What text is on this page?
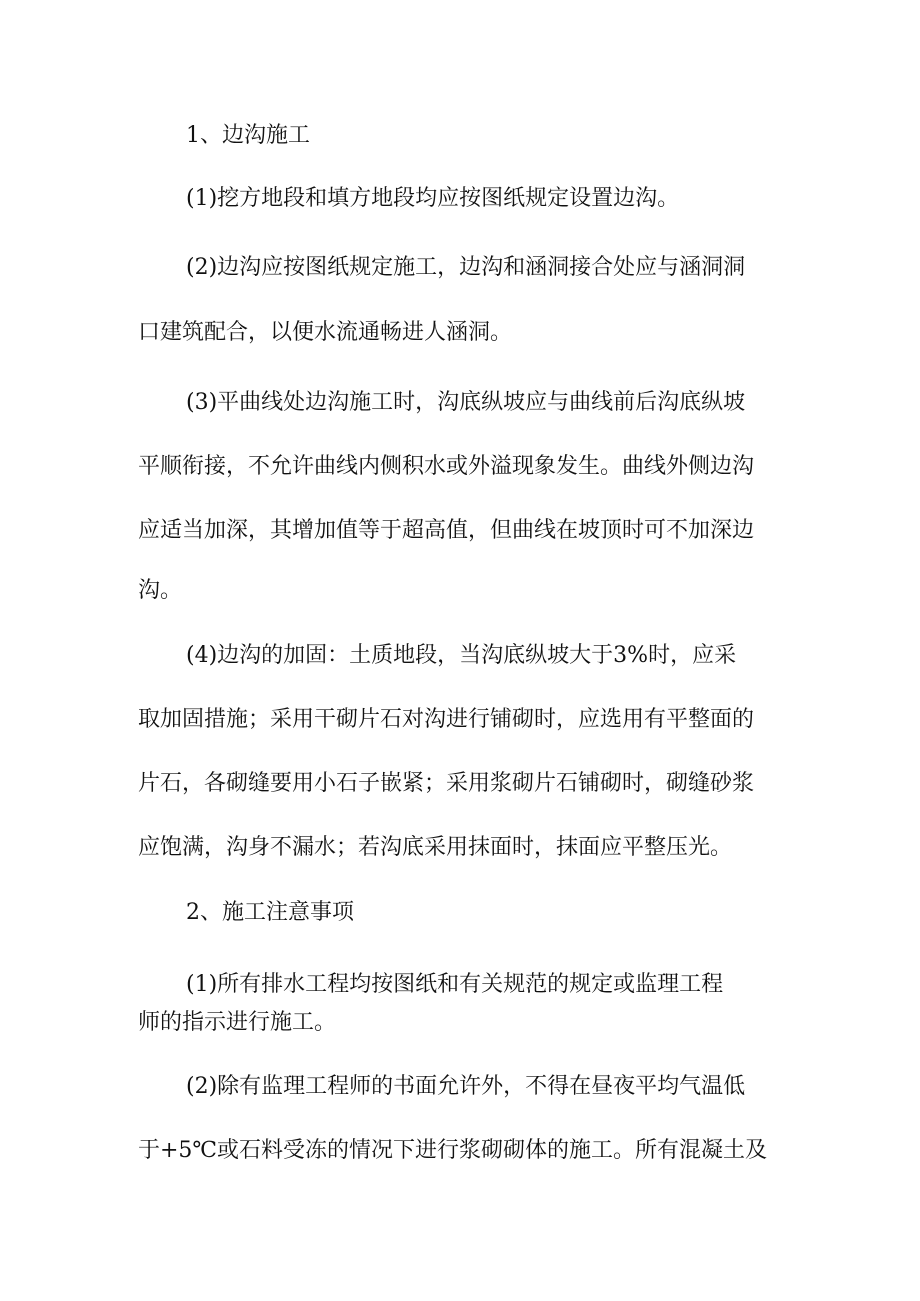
1、边沟施工
(1)挖方地段和填方地段均应按图纸规定设置边沟。
(2)边沟应按图纸规定施工，边沟和涵洞接合处应与涵洞洞
口建筑配合，以便水流通畅进人涵洞。
(3)平曲线处边沟施工时，沟底纵坡应与曲线前后沟底纵坡
平顺衔接，不允许曲线内侧积水或外溢现象发生。曲线外侧边沟
应适当加深，其增加值等于超高值，但曲线在坡顶时可不加深边
沟。
(4)边沟的加固：土质地段，当沟底纵坡大于3%时，应采
取加固措施；采用干砌片石对沟进行铺砌时，应选用有平整面的
片石，各砌缝要用小石子嵌紧；采用浆砌片石铺砌时，砌缝砂浆
应饱满，沟身不漏水；若沟底采用抹面时，抹面应平整压光。
2、施工注意事项
(1)所有排水工程均按图纸和有关规范的规定或监理工程
师的指示进行施工。
(2)除有监理工程师的书面允许外，不得在昼夜平均气温低
于+5℃或石料受冻的情况下进行浆砌砌体的施工。所有混凝土及
